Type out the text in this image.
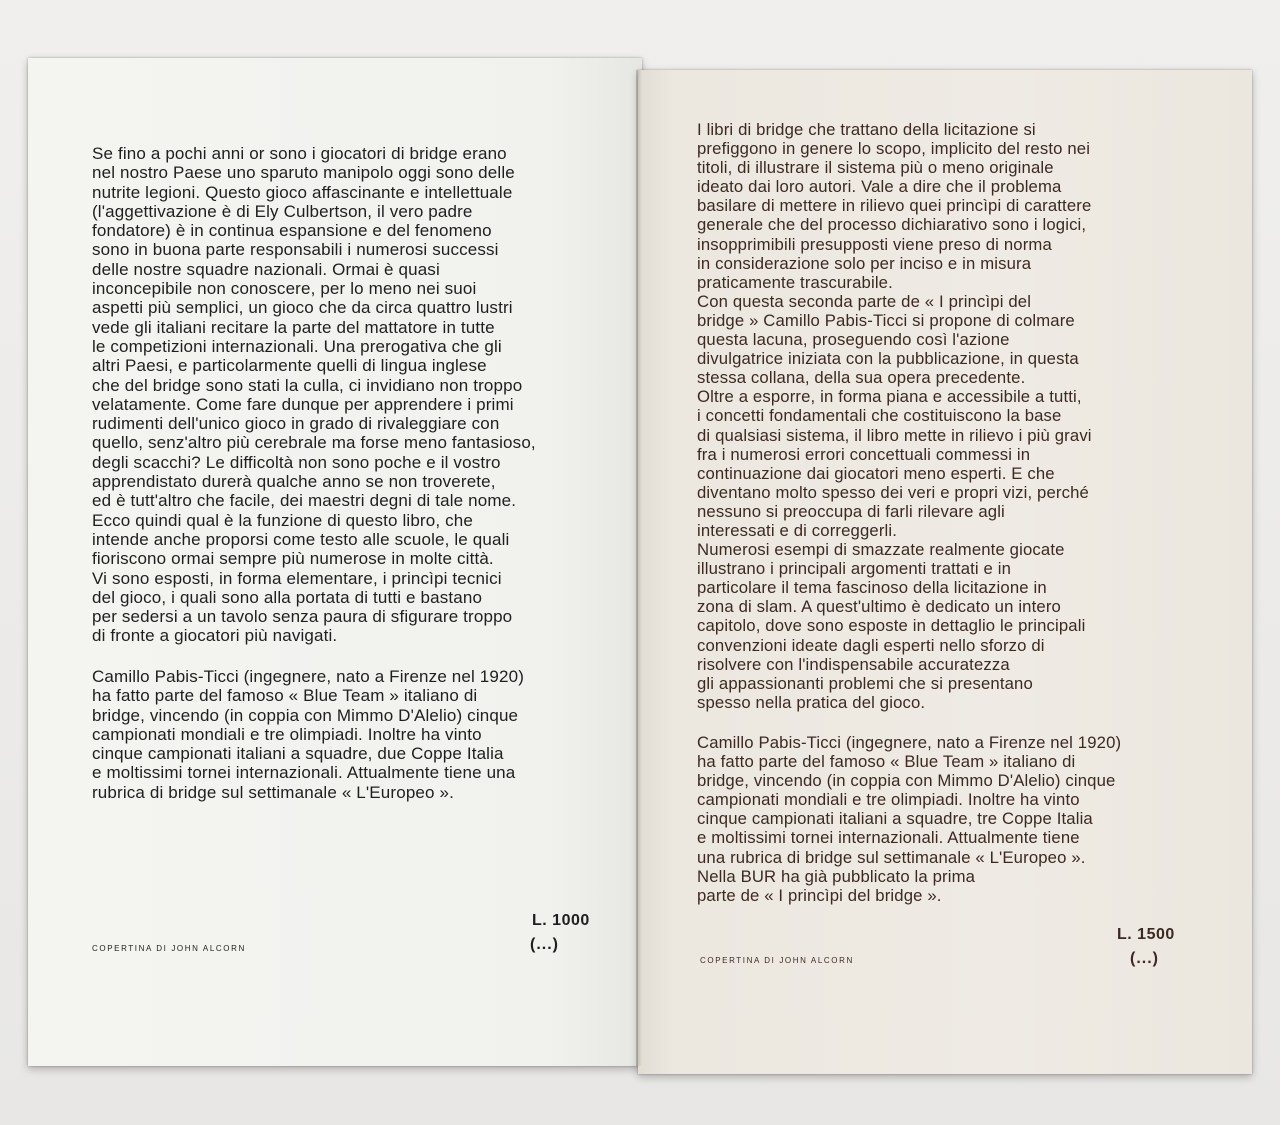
Se fino a pochi anni or sono i giocatori di bridge erano
nel nostro Paese uno sparuto manipolo oggi sono delle
nutrite legioni. Questo gioco affascinante e intellettuale
(l'aggettivazione è di Ely Culbertson, il vero padre
fondatore) è in continua espansione e del fenomeno
sono in buona parte responsabili i numerosi successi
delle nostre squadre nazionali. Ormai è quasi
inconcepibile non conoscere, per lo meno nei suoi
aspetti più semplici, un gioco che da circa quattro lustri
vede gli italiani recitare la parte del mattatore in tutte
le competizioni internazionali. Una prerogativa che gli
altri Paesi, e particolarmente quelli di lingua inglese
che del bridge sono stati la culla, ci invidiano non troppo
velatamente. Come fare dunque per apprendere i primi
rudimenti dell'unico gioco in grado di rivaleggiare con
quello, senz'altro più cerebrale ma forse meno fantasioso,
degli scacchi? Le difficoltà non sono poche e il vostro
apprendistato durerà qualche anno se non troverete,
ed è tutt'altro che facile, dei maestri degni di tale nome.
Ecco quindi qual è la funzione di questo libro, che
intende anche proporsi come testo alle scuole, le quali
fioriscono ormai sempre più numerose in molte città.
Vi sono esposti, in forma elementare, i princìpi tecnici
del gioco, i quali sono alla portata di tutti e bastano
per sedersi a un tavolo senza paura di sfigurare troppo
di fronte a giocatori più navigati.

Camillo Pabis-Ticci (ingegnere, nato a Firenze nel 1920)
ha fatto parte del famoso « Blue Team » italiano di
bridge, vincendo (in coppia con Mimmo D'Alelio) cinque
campionati mondiali e tre olimpiadi. Inoltre ha vinto
cinque campionati italiani a squadre, due Coppe Italia
e moltissimi tornei internazionali. Attualmente tiene una
rubrica di bridge sul settimanale « L'Europeo ».

L. 1000
(...)
COPERTINA DI JOHN ALCORN

I libri di bridge che trattano della licitazione si
prefiggono in genere lo scopo, implicito del resto nei
titoli, di illustrare il sistema più o meno originale
ideato dai loro autori. Vale a dire che il problema
basilare di mettere in rilievo quei princìpi di carattere
generale che del processo dichiarativo sono i logici,
insopprimibili presupposti viene preso di norma
in considerazione solo per inciso e in misura
praticamente trascurabile.
Con questa seconda parte de « I princìpi del
bridge » Camillo Pabis-Ticci si propone di colmare
questa lacuna, proseguendo così l'azione
divulgatrice iniziata con la pubblicazione, in questa
stessa collana, della sua opera precedente.
Oltre a esporre, in forma piana e accessibile a tutti,
i concetti fondamentali che costituiscono la base
di qualsiasi sistema, il libro mette in rilievo i più gravi
fra i numerosi errori concettuali commessi in
continuazione dai giocatori meno esperti. E che
diventano molto spesso dei veri e propri vizi, perché
nessuno si preoccupa di farli rilevare agli
interessati e di correggerli.
Numerosi esempi di smazzate realmente giocate
illustrano i principali argomenti trattati e in
particolare il tema fascinoso della licitazione in
zona di slam. A quest'ultimo è dedicato un intero
capitolo, dove sono esposte in dettaglio le principali
convenzioni ideate dagli esperti nello sforzo di
risolvere con l'indispensabile accuratezza
gli appassionanti problemi che si presentano
spesso nella pratica del gioco.

Camillo Pabis-Ticci (ingegnere, nato a Firenze nel 1920)
ha fatto parte del famoso « Blue Team » italiano di
bridge, vincendo (in coppia con Mimmo D'Alelio) cinque
campionati mondiali e tre olimpiadi. Inoltre ha vinto
cinque campionati italiani a squadre, tre Coppe Italia
e moltissimi tornei internazionali. Attualmente tiene
una rubrica di bridge sul settimanale « L'Europeo ».
Nella BUR ha già pubblicato la prima
parte de « I princìpi del bridge ».

L. 1500
(...)
COPERTINA DI JOHN ALCORN
